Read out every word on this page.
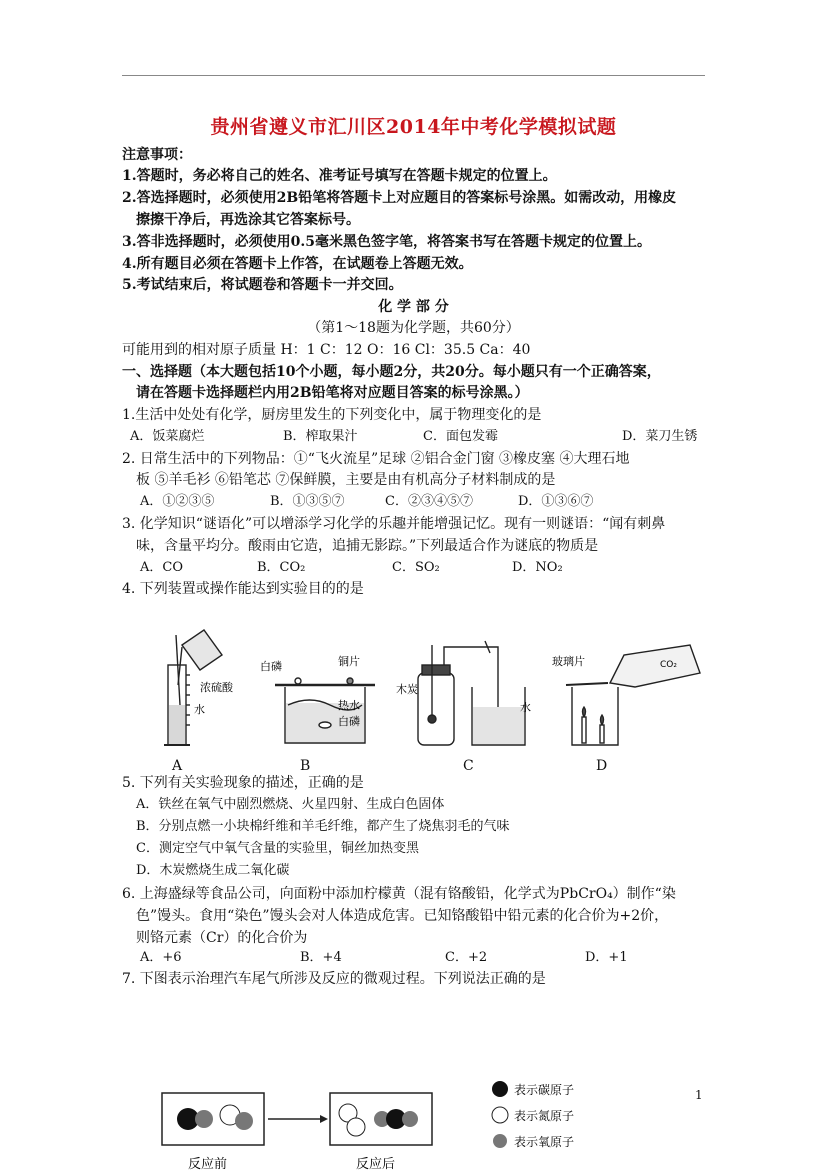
贵州省遵义市汇川区2014年中考化学模拟试题
注意事项：
1.答题时，务必将自己的姓名、准考证号填写在答题卡规定的位置上。
2.答选择题时，必须使用2B铅笔将答题卡上对应题目的答案标号涂黑。如需改动，用橡皮
擦擦干净后，再选涂其它答案标号。
3.答非选择题时，必须使用0.5毫米黑色签字笔，将答案书写在答题卡规定的位置上。
4.所有题目必须在答题卡上作答，在试题卷上答题无效。
5.考试结束后，将试题卷和答题卡一并交回。
化 学 部 分
（第1～18题为化学题，共60分）
可能用到的相对原子质量 H：1 C：12 O：16 Cl：35.5 Ca：40
一、选择题（本大题包括10个小题，每小题2分，共20分。每小题只有一个正确答案，
请在答题卡选择题栏内用2B铅笔将对应题目答案的标号涂黑。）
1.生活中处处有化学，厨房里发生的下列变化中，属于物理变化的是
A．饭菜腐烂	B．榨取果汁	C．面包发霉	D．菜刀生锈
2. 日常生活中的下列物品：①“飞火流星”足球 ②铝合金门窗 ③橡皮塞 ④大理石地
板 ⑤羊毛衫 ⑥铅笔芯 ⑦保鲜膜，主要是由有机高分子材料制成的是
A．①②③⑤	B．①③⑤⑦	C．②③④⑤⑦	D．①③⑥⑦
3. 化学知识“谜语化”可以增添学习化学的乐趣并能增强记忆。现有一则谜语：“闻有刺鼻
味，含量平均分。酸雨由它造，追捕无影踪。”下列最适合作为谜底的物质是
A．CO	B．CO₂	C．SO₂	D．NO₂
4. 下列装置或操作能达到实验目的的是
浓硫酸
水
白磷	铜片
热水
白磷
木炭
水
玻璃片	CO₂
A	B	C	D
5. 下列有关实验现象的描述，正确的是
A．铁丝在氧气中剧烈燃烧、火星四射、生成白色固体
B．分别点燃一小块棉纤维和羊毛纤维，都产生了烧焦羽毛的气味
C．测定空气中氧气含量的实验里，铜丝加热变黑
D．木炭燃烧生成二氧化碳
6. 上海盛绿等食品公司，向面粉中添加柠檬黄（混有铬酸铅，化学式为PbCrO₄）制作“染
色”馒头。食用“染色”馒头会对人体造成危害。已知铬酸铅中铅元素的化合价为+2价，
则铬元素（Cr）的化合价为
A．+6	B．+4	C．+2	D．+1
7. 下图表示治理汽车尾气所涉及反应的微观过程。下列说法正确的是
反应前	反应后
表示碳原子
表示氮原子
表示氧原子
1
